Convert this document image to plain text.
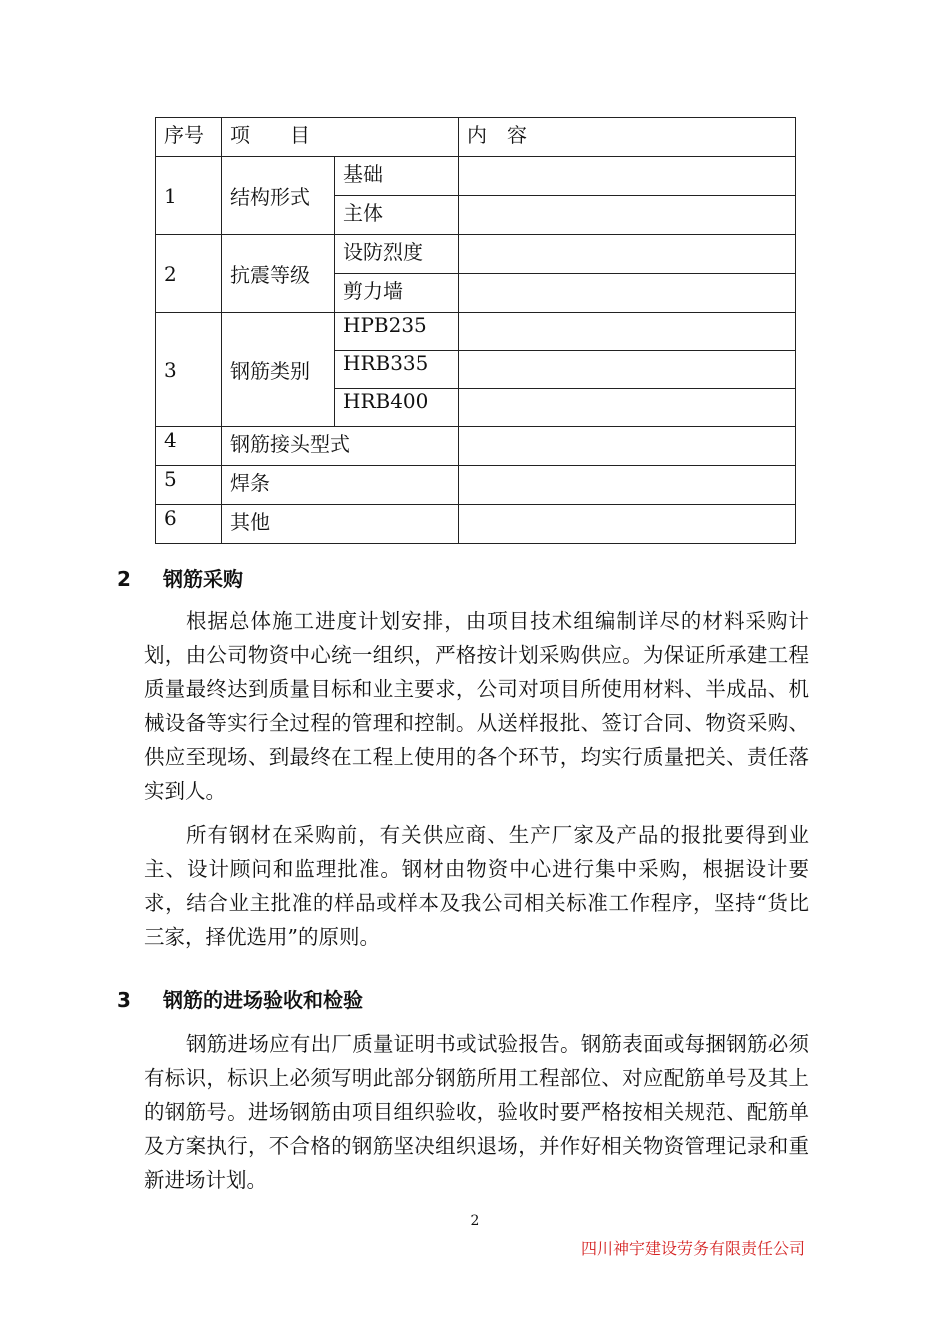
序号	项　　目		内　容
1	结构形式	基础	
		主体	
2	抗震等级	设防烈度	
		剪力墙	
3	钢筋类别	HPB235	
		HRB335	
		HRB400	
4	钢筋接头型式		
5	焊条		
6	其他		
2 钢筋采购

根据总体施工进度计划安排，由项目技术组编制详尽的材料采购计划，由公司物资中心统一组织，严格按计划采购供应。为保证所承建工程质量最终达到质量目标和业主要求，公司对项目所使用材料、半成品、机械设备等实行全过程的管理和控制。从送样报批、签订合同、物资采购、供应至现场、到最终在工程上使用的各个环节，均实行质量把关、责任落实到人。

所有钢材在采购前，有关供应商、生产厂家及产品的报批要得到业主、设计顾问和监理批准。钢材由物资中心进行集中采购，根据设计要求，结合业主批准的样品或样本及我公司相关标准工作程序，坚持“货比三家，择优选用”的原则。

3 钢筋的进场验收和检验

钢筋进场应有出厂质量证明书或试验报告。钢筋表面或每捆钢筋必须有标识，标识上必须写明此部分钢筋所用工程部位、对应配筋单号及其上的钢筋号。进场钢筋由项目组织验收，验收时要严格按相关规范、配筋单及方案执行，不合格的钢筋坚决组织退场，并作好相关物资管理记录和重新进场计划。

2
四川神宇建设劳务有限责任公司
